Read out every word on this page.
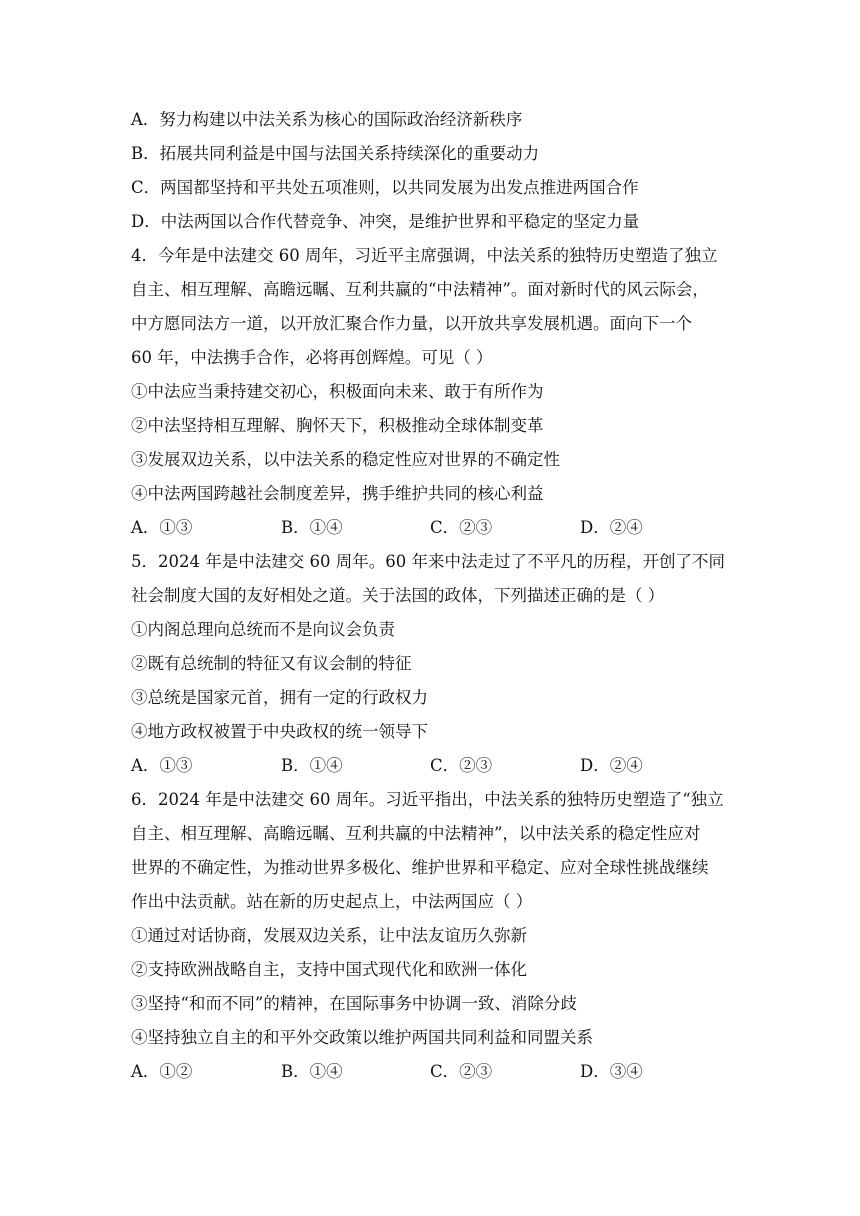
A．努力构建以中法关系为核心的国际政治经济新秩序
B．拓展共同利益是中国与法国关系持续深化的重要动力
C．两国都坚持和平共处五项准则，以共同发展为出发点推进两国合作
D．中法两国以合作代替竞争、冲突，是维护世界和平稳定的坚定力量
4．今年是中法建交 60 周年，习近平主席强调，中法关系的独特历史塑造了独立
自主、相互理解、高瞻远瞩、互利共赢的“中法精神”。面对新时代的风云际会，
中方愿同法方一道，以开放汇聚合作力量，以开放共享发展机遇。面向下一个
60 年，中法携手合作，必将再创辉煌。可见（ ）
①中法应当秉持建交初心，积极面向未来、敢于有所作为
②中法坚持相互理解、胸怀天下，积极推动全球体制变革
③发展双边关系，以中法关系的稳定性应对世界的不确定性
④中法两国跨越社会制度差异，携手维护共同的核心利益
A．①③	B．①④	C．②③	D．②④
5．2024 年是中法建交 60 周年。60 年来中法走过了不平凡的历程，开创了不同
社会制度大国的友好相处之道。关于法国的政体，下列描述正确的是（ ）
①内阁总理向总统而不是向议会负责
②既有总统制的特征又有议会制的特征
③总统是国家元首，拥有一定的行政权力
④地方政权被置于中央政权的统一领导下
A．①③	B．①④	C．②③	D．②④
6．2024 年是中法建交 60 周年。习近平指出，中法关系的独特历史塑造了“独立
自主、相互理解、高瞻远瞩、互利共赢的中法精神”，以中法关系的稳定性应对
世界的不确定性，为推动世界多极化、维护世界和平稳定、应对全球性挑战继续
作出中法贡献。站在新的历史起点上，中法两国应（ ）
①通过对话协商，发展双边关系，让中法友谊历久弥新
②支持欧洲战略自主，支持中国式现代化和欧洲一体化
③坚持“和而不同”的精神，在国际事务中协调一致、消除分歧
④坚持独立自主的和平外交政策以维护两国共同利益和同盟关系
A．①②	B．①④	C．②③	D．③④
